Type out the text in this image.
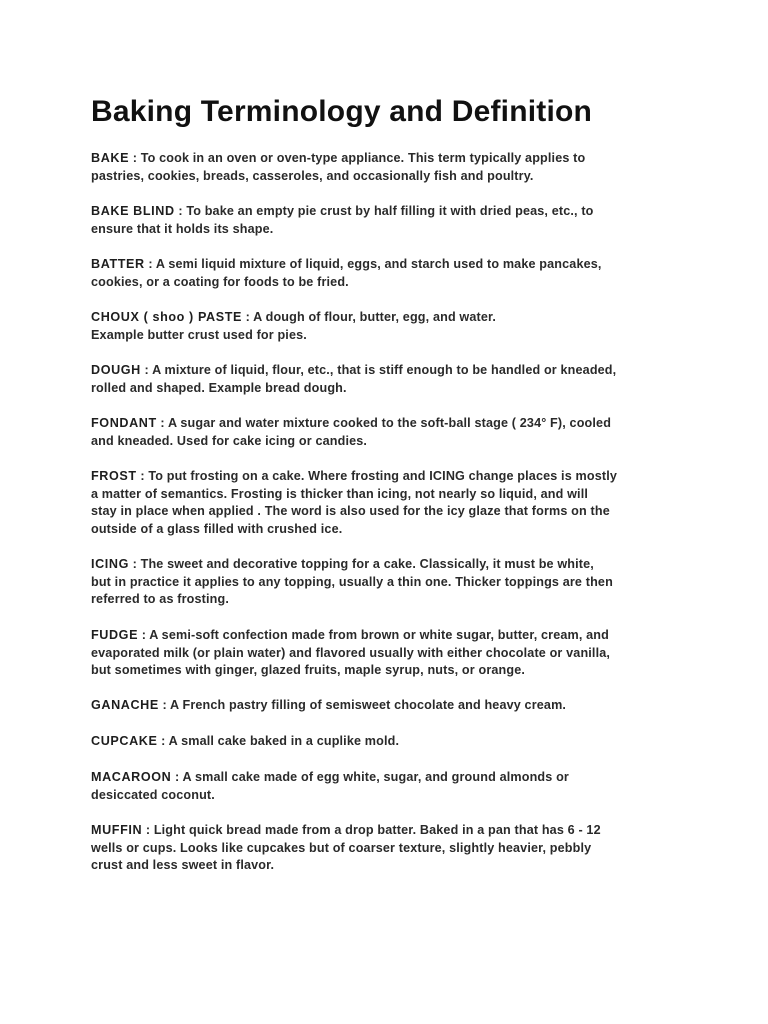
Baking Terminology and Definition

BAKE : To cook in an oven or oven-type appliance. This term typically applies to
pastries, cookies, breads, casseroles, and occasionally fish and poultry.

BAKE BLIND : To bake an empty pie crust by half filling it with dried peas, etc., to
ensure that it holds its shape.

BATTER : A semi liquid mixture of liquid, eggs, and starch used to make pancakes,
cookies, or a coating for foods to be fried.

CHOUX ( shoo ) PASTE : A dough of flour, butter, egg, and water.
Example butter crust used for pies.

DOUGH : A mixture of liquid, flour, etc., that is stiff enough to be handled or kneaded,
rolled and shaped. Example bread dough.

FONDANT : A sugar and water mixture cooked to the soft-ball stage ( 234° F), cooled
and kneaded. Used for cake icing or candies.

FROST : To put frosting on a cake. Where frosting and ICING change places is mostly
a matter of semantics. Frosting is thicker than icing, not nearly so liquid, and will
stay in place when applied . The word is also used for the icy glaze that forms on the
outside of a glass filled with crushed ice.

ICING : The sweet and decorative topping for a cake. Classically, it must be white,
but in practice it applies to any topping, usually a thin one. Thicker toppings are then
referred to as frosting.

FUDGE : A semi-soft confection made from brown or white sugar, butter, cream, and
evaporated milk (or plain water) and flavored usually with either chocolate or vanilla,
but sometimes with ginger, glazed fruits, maple syrup, nuts, or orange.

GANACHE : A French pastry filling of semisweet chocolate and heavy cream.

CUPCAKE : A small cake baked in a cuplike mold.

MACAROON : A small cake made of egg white, sugar, and ground almonds or
desiccated coconut.

MUFFIN : Light quick bread made from a drop batter. Baked in a pan that has 6 - 12
wells or cups. Looks like cupcakes but of coarser texture, slightly heavier, pebbly
crust and less sweet in flavor.
